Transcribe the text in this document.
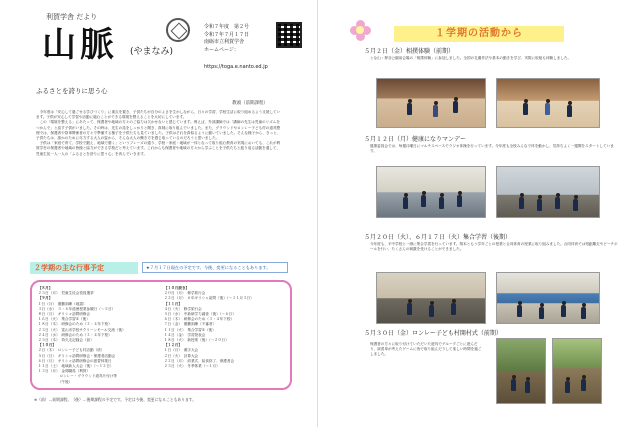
利賀学舎 だより
山脈 (やまなみ)
令和７年度　第２号
令和７年７月１７日
南砺市立利賀学舎
ホームページ：
https://toga.e.nanto.ed.jp
ふるさとを誇りに思う心
教頭（前期課程）

今年度は「安心して過ごせる学びづくり」に重点を置き、子供たちが自分のよさを生かしながら、日々の学習、学校生活に取り組めるよう支援しています。子供が安心して学習や活動に臨むことができる環境を整えることを大切にしています。

この「環境を整える」にあたって、保護者や地域の方々のご協力は欠かせないと感じています。例えば、外部講師では「講師の先生は児童のリズムをつかんで」と話す子供がいました。その時は、先生の話をしっかりと聞き、真剣に取り組んでいました。また、グラウンドやロンレー子ども村の道具整理では、保護者や祭事関係者の方々で準備する様子を子供たちも見ていました。子供はそれを真似るように動いていました。そんな様子から、きっと、子供たちは、誰かのために尽力する大人の姿から、そんな大人の働き方を感じ取っているのだろうと思いました。

子供は「家庭で育て、学校で鍛え、地域で磨く」というフレーズの通り、学校・家庭・地域が一体となって取り組む教育の実現においても、これが利賀学舎の保護者や地域の皆様と協力ができる学校だと考えています。これからも保護者や地域の方々から学ぶことを子供たちと振り返る活動を通して、児童生徒一人一人の「ふるさとを誇りに思う心」を育んでいきます。

２学期の主な行事予定	★７月１７日現在の予定です。今後、変更になることもあります。
【８月】
２５日（月）　児童生徒会役員選挙
【９月】
１日（月）　避難訓練（地震）
３日（水）　５・６年道徳授業参観日（〜５日）
８日（月）　ギリシャ訪問研修会
１６日（火）　集合学習②（後）
１８日（木）　研修会のため（３・４年下校）
２３日（火）　富山市学校サクリーンモール交流（後）
２４日（水）　研修会のため（３・４年下校）
２５日（木）　持久走記録会（前）
【１０月】
２日（木）　ロンレー子ども村活動（終）
５日（日）　ギリシャ訪問研修会・保護者活動会
６日（月）　ギリシャ訪問研修会の振替休業日
１１日（土）　地域新人大会（後）（〜１２日）
１３日（月）　金岡職員（利賀）
　　　　　　ロンレー・グラウンド道具片付け等
　　　　　　（午後）
【１０月続き】
２０日（月）　修学旅行会
２２日（月）　６年ギリシャ訪問（後）（〜１１月３日）
【１１月】
４日（火）　修学旅行会
５日（水）　中新研学力調査（後）（〜６日）
６日（木）　研修会のため（３・４年下校）
７日（金）　避難訓練（不審者）
１１日（火）　集合学習②（後）
１４日（金）　学習発表会
１８日（火）　新授業（後）（〜２０日）
【１２月】
１日（月）　漢字大会
２日（火）　計算大会
２２日（月）　終業式、給食終了、保護者会
２３日（火）　冬季休業（〜１月）
※（前）…前期課程、（後）…後期課程の予定です。予定は今後、変更になることもあります。
１学期の活動から
５月２日（金）相撲体験（前期）
とな山・押谷公園前会場の「相撲体験」に参加しました。全国の礼儀作法や基本の動きを学び、実際に取組も体験しました。
５月１２日（月）健康になりマンデー
健康委員会では、毎週月曜日にマルチスペースでラジオ体操を行っています。今年度も全校みんなで体を動かし、気持ちよく一週間をスタートしています。
５月２０日（火）、６月１７日（火）集合学習（後期）
今年度も、平中学校と一緒に集合学習を行っています。岡本ともう学年ごとの授業と合同体育の授業に取り組みました。合同体育では短距離走やビーチボールを行い、たくさんの刺激を受けることができました。
５月３０日（金）ロンレー子ども村開村式（前期）
保護者の方々に取り付けていただいた遊具でグループごとに遊んだり、演習単が考えたゲームに皆で取り組んだりして楽しい時間を過ごしました。
